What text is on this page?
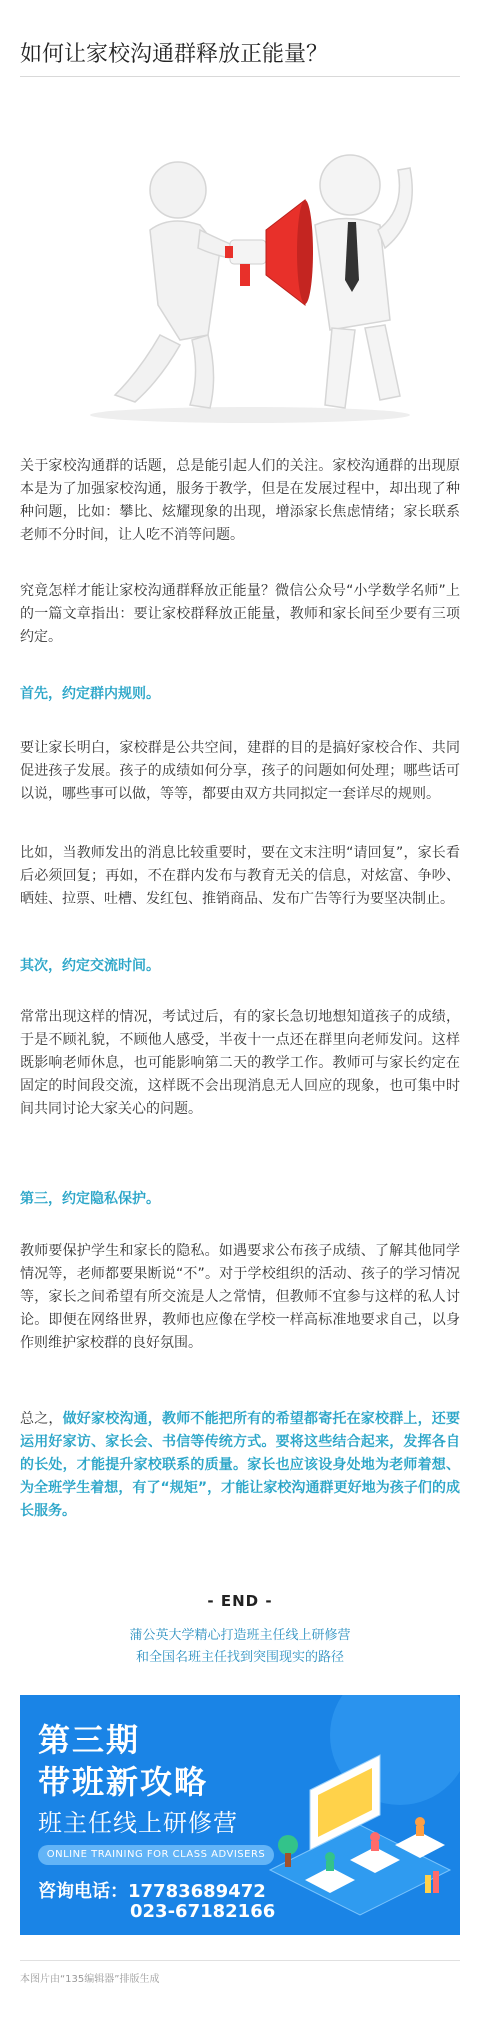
如何让家校沟通群释放正能量？

关于家校沟通群的话题，总是能引起人们的关注。家校沟通群的出现原本是为了加强家校沟通，服务于教学，但是在发展过程中，却出现了种种问题，比如：攀比、炫耀现象的出现，增添家长焦虑情绪；家长联系老师不分时间，让人吃不消等问题。

究竟怎样才能让家校沟通群释放正能量？微信公众号“小学数学名师”上的一篇文章指出：要让家校群释放正能量，教师和家长间至少要有三项约定。

首先，约定群内规则。

要让家长明白，家校群是公共空间，建群的目的是搞好家校合作、共同促进孩子发展。孩子的成绩如何分享，孩子的问题如何处理；哪些话可以说，哪些事可以做，等等，都要由双方共同拟定一套详尽的规则。

比如，当教师发出的消息比较重要时，要在文末注明“请回复”，家长看后必须回复；再如，不在群内发布与教育无关的信息，对炫富、争吵、晒娃、拉票、吐槽、发红包、推销商品、发布广告等行为要坚决制止。

其次，约定交流时间。

常常出现这样的情况，考试过后，有的家长急切地想知道孩子的成绩，于是不顾礼貌，不顾他人感受，半夜十一点还在群里向老师发问。这样既影响老师休息，也可能影响第二天的教学工作。教师可与家长约定在固定的时间段交流，这样既不会出现消息无人回应的现象，也可集中时间共同讨论大家关心的问题。

第三，约定隐私保护。

教师要保护学生和家长的隐私。如遇要求公布孩子成绩、了解其他同学情况等，老师都要果断说“不”。对于学校组织的活动、孩子的学习情况等，家长之间希望有所交流是人之常情，但教师不宜参与这样的私人讨论。即便在网络世界，教师也应像在学校一样高标准地要求自己，以身作则维护家校群的良好氛围。

总之，做好家校沟通，教师不能把所有的希望都寄托在家校群上，还要运用好家访、家长会、书信等传统方式。要将这些结合起来，发挥各自的长处，才能提升家校联系的质量。家长也应该设身处地为老师着想、为全班学生着想，有了“规矩”，才能让家校沟通群更好地为孩子们的成长服务。

- END -
蒲公英大学精心打造班主任线上研修营
和全国名班主任找到突围现实的路径
第三期
带班新攻略
班主任线上研修营
ONLINE TRAINING FOR CLASS ADVISERS
咨询电话：17783689472
023-67182166
本图片由“135编辑器”排版生成
